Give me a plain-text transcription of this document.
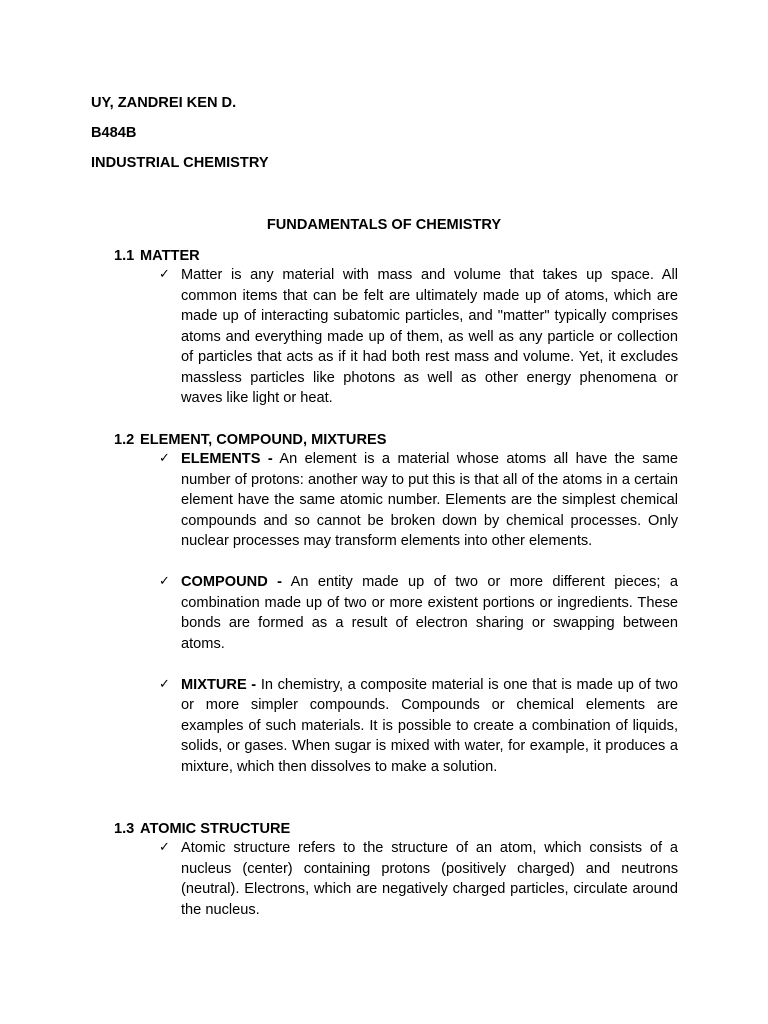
UY, ZANDREI KEN D.
B484B
INDUSTRIAL CHEMISTRY
FUNDAMENTALS OF CHEMISTRY
1.1 MATTER
✓ Matter is any material with mass and volume that takes up space. All common items that can be felt are ultimately made up of atoms, which are made up of interacting subatomic particles, and "matter" typically comprises atoms and everything made up of them, as well as any particle or collection of particles that acts as if it had both rest mass and volume. Yet, it excludes massless particles like photons as well as other energy phenomena or waves like light or heat.
1.2 ELEMENT, COMPOUND, MIXTURES
✓ ELEMENTS - An element is a material whose atoms all have the same number of protons: another way to put this is that all of the atoms in a certain element have the same atomic number. Elements are the simplest chemical compounds and so cannot be broken down by chemical processes. Only nuclear processes may transform elements into other elements.
✓ COMPOUND - An entity made up of two or more different pieces; a combination made up of two or more existent portions or ingredients. These bonds are formed as a result of electron sharing or swapping between atoms.
✓ MIXTURE - In chemistry, a composite material is one that is made up of two or more simpler compounds. Compounds or chemical elements are examples of such materials. It is possible to create a combination of liquids, solids, or gases. When sugar is mixed with water, for example, it produces a mixture, which then dissolves to make a solution.
1.3 ATOMIC STRUCTURE
✓ Atomic structure refers to the structure of an atom, which consists of a nucleus (center) containing protons (positively charged) and neutrons (neutral). Electrons, which are negatively charged particles, circulate around the nucleus.
